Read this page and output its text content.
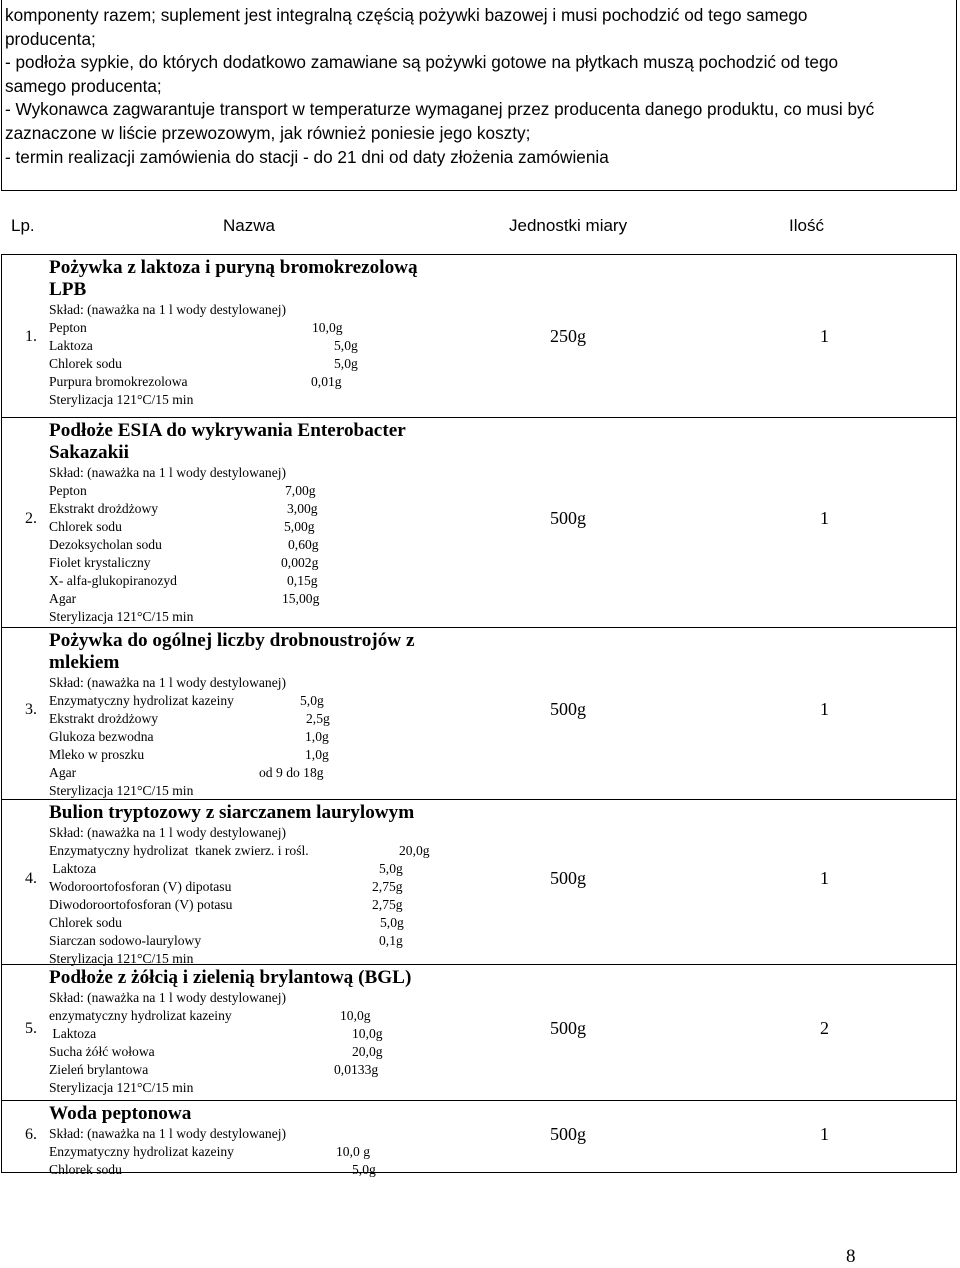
komponenty razem; suplement jest integralną częścią pożywki bazowej i musi pochodzić od tego samego

producenta;

- podłoża sypkie, do których dodatkowo zamawiane są pożywki gotowe na płytkach muszą pochodzić od tego

samego producenta;

- Wykonawca zagwarantuje transport w temperaturze wymaganej przez producenta danego produktu, co musi być

zaznaczone w liście przewozowym, jak również poniesie jego koszty;

- termin realizacji zamówienia do stacji - do 21 dni od daty złożenia zamówienia

Lp.	Nazwa	Jednostki miary	Ilość
1.
Pożywka z laktoza i puryną bromokrezolową
LPB
Skład: (naważka na 1 l wody destylowanej)
Pepton	10,0g
Laktoza	5,0g
Chlorek sodu	5,0g
Purpura bromokrezolowa	0,01g
Sterylizacja 121°C/15 min
250g	1
2.
Podłoże ESIA do wykrywania Enterobacter
Sakazakii
Skład: (naważka na 1 l wody destylowanej)
Pepton	7,00g
Ekstrakt drożdżowy	3,00g
Chlorek sodu	5,00g
Dezoksycholan sodu	0,60g
Fiolet krystaliczny	0,002g
X- alfa-glukopiranozyd	0,15g
Agar	15,00g
Sterylizacja 121°C/15 min
500g	1
3.
Pożywka do ogólnej liczby drobnoustrojów z
mlekiem
Skład: (naważka na 1 l wody destylowanej)
Enzymatyczny hydrolizat kazeiny	5,0g
Ekstrakt drożdżowy	2,5g
Glukoza bezwodna	1,0g
Mleko w proszku	1,0g
Agar	od 9 do 18g
Sterylizacja 121°C/15 min
500g	1
4.
Bulion tryptozowy z siarczanem laurylowym
Skład: (naważka na 1 l wody destylowanej)
Enzymatyczny hydrolizat  tkanek zwierz. i rośl.	20,0g
Laktoza	5,0g
Wodoroortofosforan (V) dipotasu	2,75g
Diwodoroortofosforan (V) potasu	2,75g
Chlorek sodu	5,0g
Siarczan sodowo-laurylowy	0,1g
Sterylizacja 121°C/15 min
500g	1
5.
Podłoże z żółcią i zielenią brylantową (BGL)
Skład: (naważka na 1 l wody destylowanej)
enzymatyczny hydrolizat kazeiny	10,0g
Laktoza	10,0g
Sucha żółć wołowa	20,0g
Zieleń brylantowa	0,0133g
Sterylizacja 121°C/15 min
500g	2
6.
Woda peptonowa
Skład: (naważka na 1 l wody destylowanej)
Enzymatyczny hydrolizat kazeiny	10,0 g
Chlorek sodu	5,0g
500g	1
8
